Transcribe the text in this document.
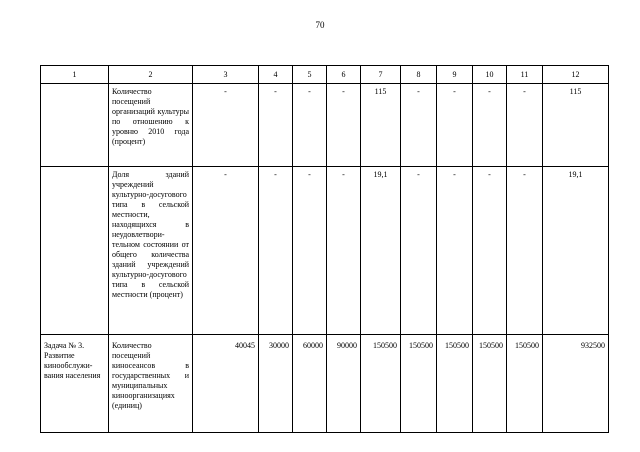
70
1	2	3	4	5	6	7	8	9	10	11	12
	Количество посещений организаций культуры по отношению к уровню 2010 года (процент)	-	-	-	-	115	-	-	-	-	115
	Доля зданий учреждений культурно-досугового типа в сельской местности, находящихся в неудовлетвори-тельном состоянии от общего количества зданий учреждений культурно-досугового типа в сельской местности (процент)	-	-	-	-	19,1	-	-	-	-	19,1
Задача № 3. Развитие кинообслужи-вания населения	Количество посещений киносеансов в государственных и муниципальных киноорганизациях (единиц)	40045	30000	60000	90000	150500	150500	150500	150500	150500	932500
